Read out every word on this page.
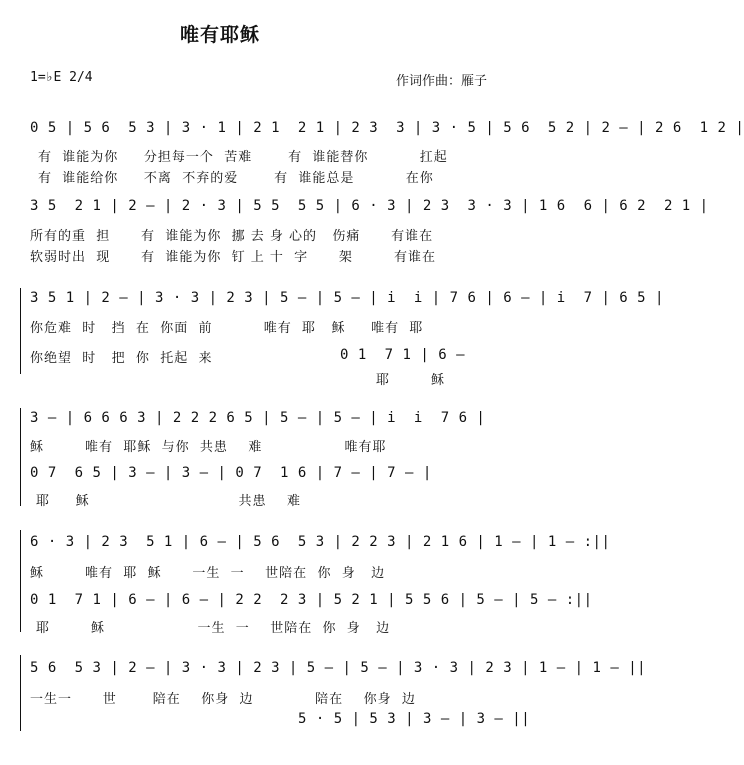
唯有耶稣
1=♭E 2/4	作词作曲：雁子
0 5 | 5 6  5 3 | 3 · 1 | 2 1  2 1 | 2 3  3 | 3 · 5 | 5 6  5 2 | 2 – | 2 6  1 2 |
有  谁能为你     分担每一个  苦难       有  谁能替你          扛起
有  谁能给你     不离  不弃的爱       有  谁能总是          在你
3 5  2 1 | 2 – | 2 · 3 | 5 5  5 5 | 6 · 3 | 2 3  3 · 3 | 1 6  6 | 6 2  2 1 |
所有的重  担      有  谁能为你  挪 去 身 心的   伤痛      有谁在
软弱时出  现      有  谁能为你  钉 上 十  字      架        有谁在
3 5 1 | 2 – | 3 · 3 | 2 3 | 5 – | 5 – | i  i | 7 6 | 6 – | i  7 | 6 5 |
你危难  时   挡  在  你面  前          唯有  耶   稣     唯有  耶
你绝望  时   把  你  托起  来	0 1  7 1 | 6 –
耶        稣
3 – | 6 6 6 3 | 2 2 2 6 5 | 5 – | 5 – | i  i  7 6 |
稣        唯有  耶稣  与你  共患    难                唯有耶
0 7  6 5 | 3 – | 3 – | 0 7  1 6 | 7 – | 7 – |
耶     稣                             共患    难
6 · 3 | 2 3  5 1 | 6 – | 5 6  5 3 | 2 2 3 | 2 1 6 | 1 – | 1 – :||
稣        唯有  耶  稣      一生  一    世陪在  你  身   边
0 1  7 1 | 6 – | 6 – | 2 2  2 3 | 5 2 1 | 5 5 6 | 5 – | 5 – :||
耶        稣                  一生  一    世陪在  你  身   边
5 6  5 3 | 2 – | 3 · 3 | 2 3 | 5 – | 5 – | 3 · 3 | 2 3 | 1 – | 1 – ||
一生一      世       陪在    你身  边            陪在    你身  边
5 · 5 | 5 3 | 3 – | 3 – ||
